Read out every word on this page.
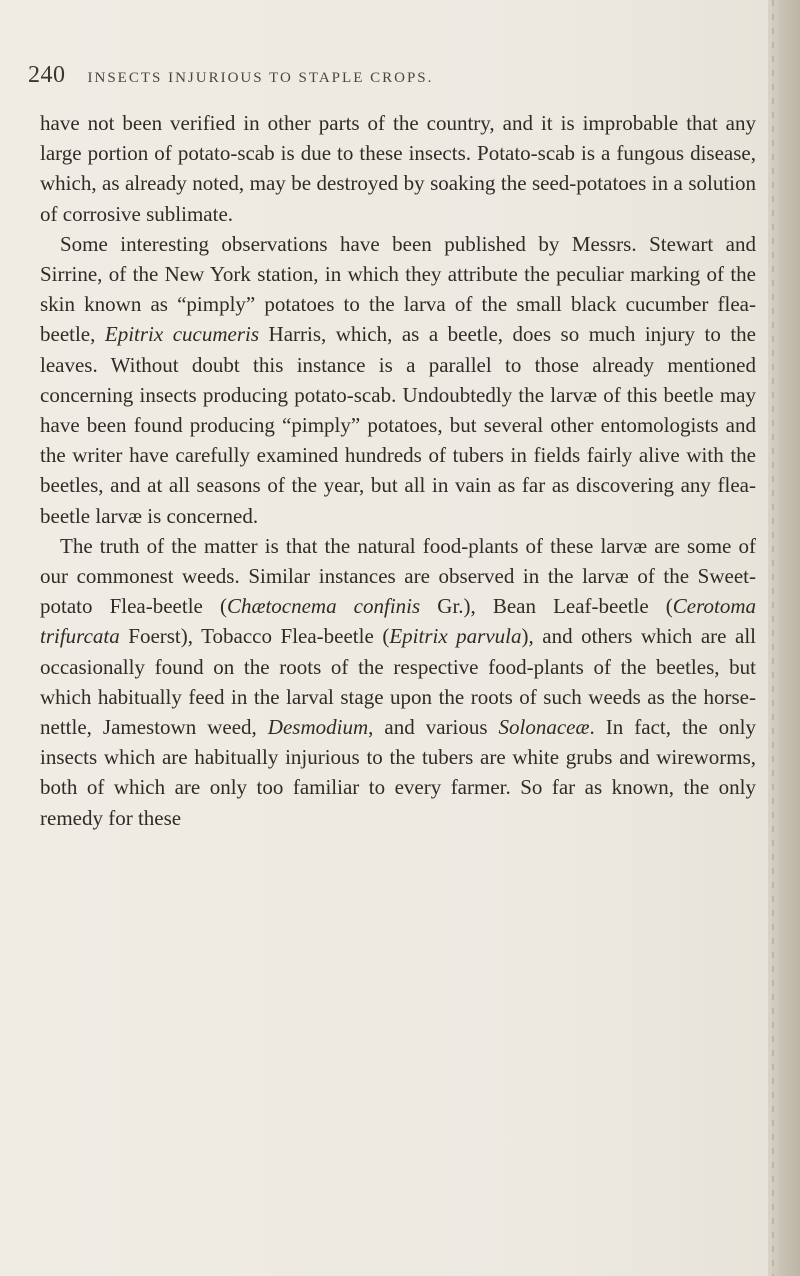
240 INSECTS INJURIOUS TO STAPLE CROPS.

have not been verified in other parts of the country, and it is improbable that any large portion of potato-scab is due to these insects. Potato-scab is a fungous disease, which, as already noted, may be destroyed by soaking the seed-potatoes in a solution of corrosive sublimate.

Some interesting observations have been published by Messrs. Stewart and Sirrine, of the New York station, in which they attribute the peculiar marking of the skin known as “pimply” potatoes to the larva of the small black cucumber flea-beetle, Epitrix cucumeris Harris, which, as a beetle, does so much injury to the leaves. Without doubt this instance is a parallel to those already mentioned concerning insects producing potato-scab. Undoubtedly the larvæ of this beetle may have been found producing “pimply” potatoes, but several other entomologists and the writer have carefully examined hundreds of tubers in fields fairly alive with the beetles, and at all seasons of the year, but all in vain as far as discovering any flea-beetle larvæ is concerned.

The truth of the matter is that the natural food-plants of these larvæ are some of our commonest weeds. Similar instances are observed in the larvæ of the Sweet-potato Flea-beetle (Chætocnema confinis Gr.), Bean Leaf-beetle (Cerotoma trifurcata Foerst), Tobacco Flea-beetle (Epitrix parvula), and others which are all occasionally found on the roots of the respective food-plants of the beetles, but which habitually feed in the larval stage upon the roots of such weeds as the horse-nettle, Jamestown weed, Desmodium, and various Solonaceæ. In fact, the only insects which are habitually injurious to the tubers are white grubs and wireworms, both of which are only too familiar to every farmer. So far as known, the only remedy for these
